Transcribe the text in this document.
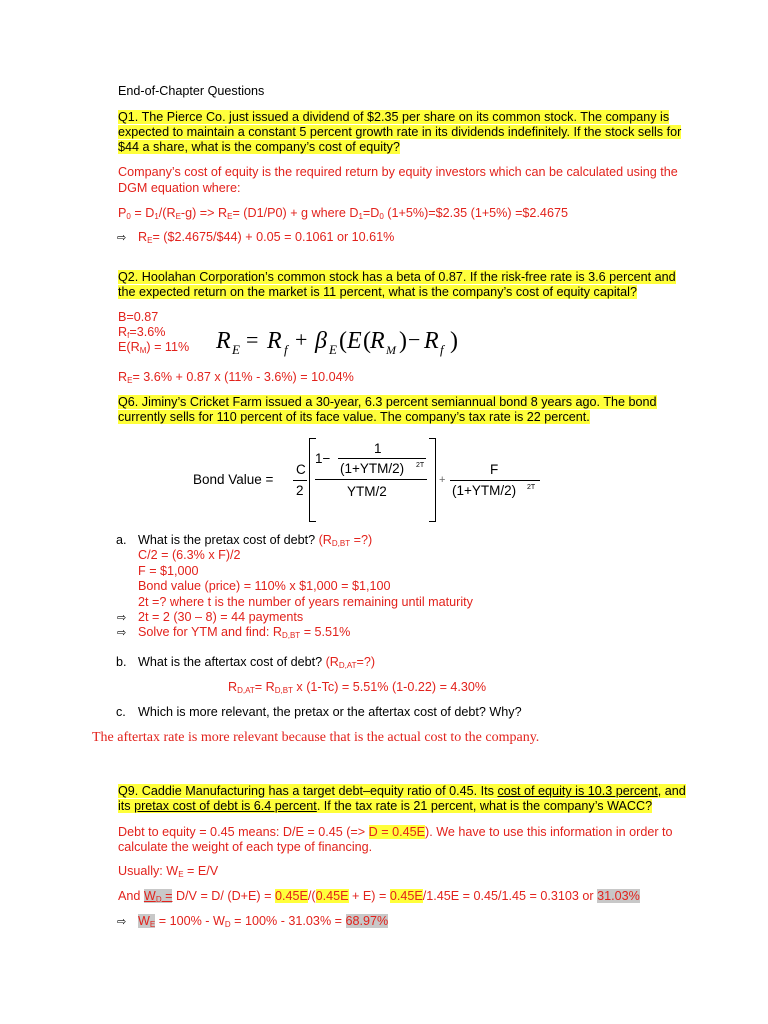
End-of-Chapter Questions
Q1. The Pierce Co. just issued a dividend of $2.35 per share on its common stock. The company is
expected to maintain a constant 5 percent growth rate in its dividends indefinitely. If the stock sells for
$44 a share, what is the company’s cost of equity?
Company’s cost of equity is the required return by equity investors which can be calculated using the
DGM equation where:
$P_0 = D_1/(R_E-g) => R_E= (D1/P0) + g$ where $D_1=D_0$ (1+5%)=$2.35 (1+5%) =$2.4675
⇨ $R_E=$ ($2.4675/$44) + 0.05 = 0.1061 or 10.61%
Q2. Hoolahan Corporation’s common stock has a beta of 0.87. If the risk-free rate is 3.6 percent and
the expected return on the market is 11 percent, what is the company’s cost of equity capital?
B=0.87
$R_f=3.6\%$
$E(R_M) = 11\%$ R E = R f + β E ( E ( R M ) − R f )
$R_E= 3.6\% + 0.87$ x (11% - 3.6%) = 10.04%
Q6. Jiminy’s Cricket Farm issued a 30-year, 6.3 percent semiannual bond 8 years ago. The bond
currently sells for 110 percent of its face value. The company’s tax rate is 22 percent.
Bond Value =
C
2
1−
1
(1+YTM/2) 2T
YTM/2
+
F
(1+YTM/2) 2T
a. What is the pretax cost of debt? ($R_{D,BT}$ =?)
C/2 = (6.3% x F)/2
F = $1,000
Bond value (price) = 110% x $1,000 = $1,100
2t =? where t is the number of years remaining until maturity
⇨ 2t = 2 (30 – 8) = 44 payments
⇨ Solve for YTM and find: $R_{D,BT} = 5.51\%$
b. What is the aftertax cost of debt? $(R_{D,AT}=?)$
$R_{D,AT}= R_{D,BT}$ x (1-Tc) = 5.51% (1-0.22) = 4.30%
c. Which is more relevant, the pretax or the aftertax cost of debt? Why?
The aftertax rate is more relevant because that is the actual cost to the company.
Q9. Caddie Manufacturing has a target debt–equity ratio of 0.45. Its cost of equity is 10.3 percent, and
its pretax cost of debt is 6.4 percent. If the tax rate is 21 percent, what is the company’s WACC?
Debt to equity = 0.45 means: D/E = 0.45 (=> D = 0.45E). We have to use this information in order to
calculate the weight of each type of financing.
Usually: $W_E = E/V$
And $W_D = D/V = D/$ (D+E) = 0.45E/(0.45E + E) = 0.45E/1.45E = 0.45/1.45 = 0.3103 or 31.03%
⇨ $W_E = 100\% - W_D = 100\% - 31.03\% = 68.97\%$
